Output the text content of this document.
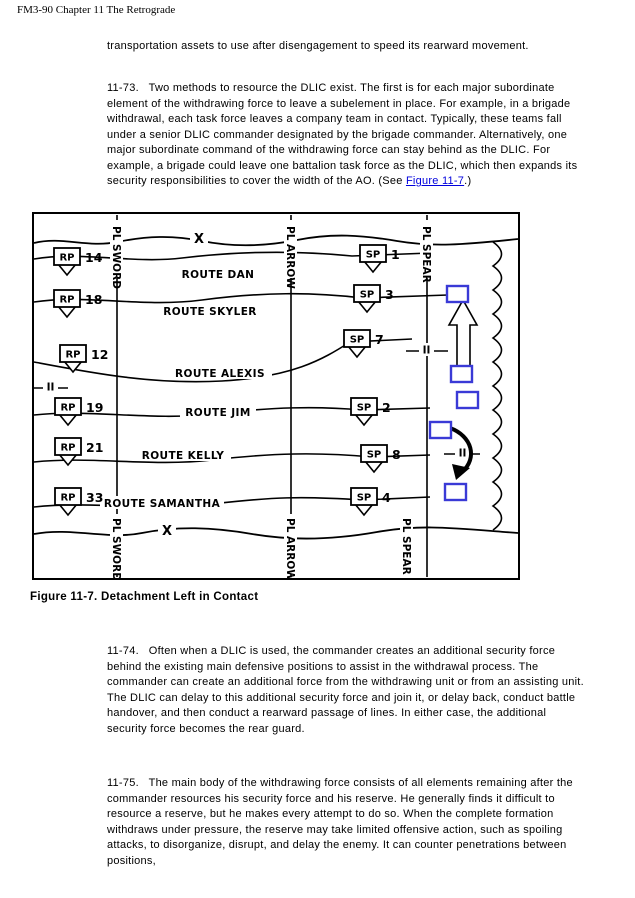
FM3-90 Chapter 11 The Retrograde

transportation assets to use after disengagement to speed its rearward movement.

11-73.   Two methods to resource the DLIC exist. The first is for each major subordinate element of the withdrawing force to leave a subelement in place. For example, in a brigade withdrawal, each task force leaves a company team in contact. Typically, these teams fall under a senior DLIC commander designated by the brigade commander. Alternatively, one major subordinate command of the withdrawing force can stay behind as the DLIC. For example, a brigade could leave one battalion task force as the DLIC, which then expands its security responsibilities to cover the width of the AO. (See Figure 11-7.)

II
II
II
ROUTE DAN
ROUTE SKYLER
ROUTE ALEXIS
ROUTE JIM
ROUTE KELLY
ROUTE SAMANTHA
PL SWORD
PL SWORD
PL ARROW
PL ARROW
PL SPEAR
PL SPEAR
X
X
RP 14
RP 18
RP 12
RP 19
RP 21
RP 33
SP 1
SP 3
SP 7
SP 2
SP 8
SP 4
Figure 11-7. Detachment Left in Contact

11-74.   Often when a DLIC is used, the commander creates an additional security force behind the existing main defensive positions to assist in the withdrawal process. The commander can create an additional force from the withdrawing unit or from an assisting unit. The DLIC can delay to this additional security force and join it, or delay back, conduct battle handover, and then conduct a rearward passage of lines. In either case, the additional security force becomes the rear guard.

11-75.   The main body of the withdrawing force consists of all elements remaining after the commander resources his security force and his reserve. He generally finds it difficult to resource a reserve, but he makes every attempt to do so. When the complete formation withdraws under pressure, the reserve may take limited offensive action, such as spoiling attacks, to disorganize, disrupt, and delay the enemy. It can counter penetrations between positions,
